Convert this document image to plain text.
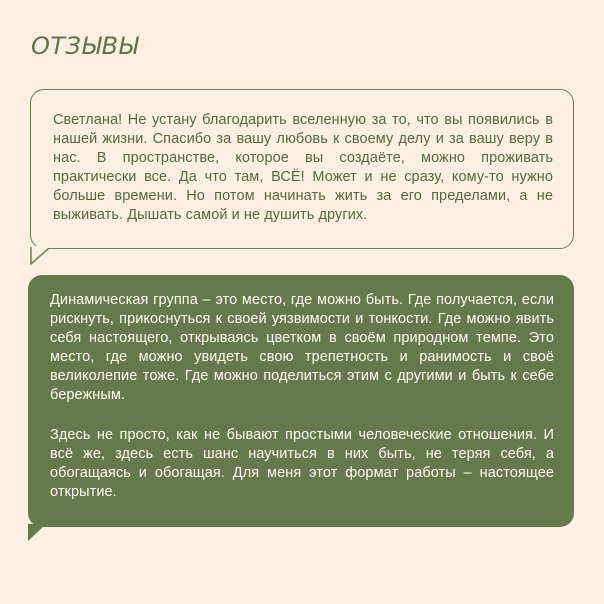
ОТЗЫВЫ

Светлана! Не устану благодарить вселенную за то, что вы появились в нашей жизни. Спасибо за вашу любовь к своему делу и за вашу веру в нас. В пространстве, которое вы создаёте, можно проживать практически все. Да что там, ВСЁ! Может и не сразу, кому-то нужно больше времени. Но потом начинать жить за его пределами, а не выживать. Дышать самой и не душить других.

Динамическая группа – это место, где можно быть. Где получается, если рискнуть, прикоснуться к своей уязвимости и тонкости. Где можно явить себя настоящего, открываясь цветком в своём природном темпе. Это место, где можно увидеть свою трепетность и ранимость и своё великолепие тоже. Где можно поделиться этим с другими и быть к себе бережным.

Здесь не просто, как не бывают простыми человеческие отношения. И всё же, здесь есть шанс научиться в них быть, не теряя себя, а обогащаясь и обогащая. Для меня этот формат работы – настоящее открытие.
